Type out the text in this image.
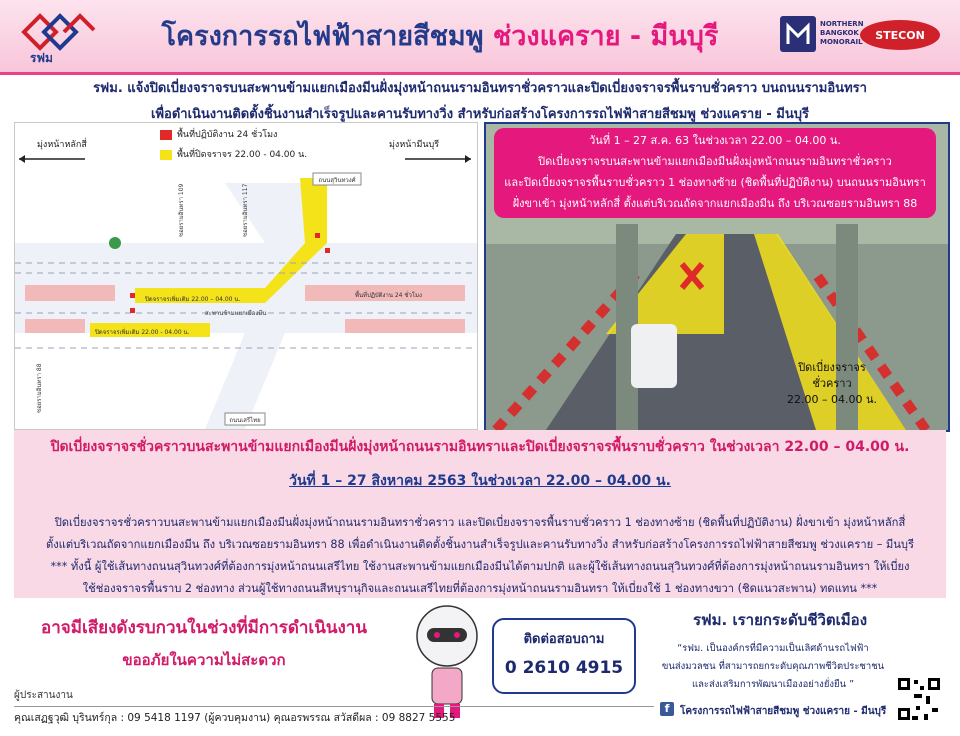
รฟม
โครงการรถไฟฟ้าสายสีชมพู ช่วงแคราย - มีนบุรี	NORTHERN BANGKOK MONORAIL STECON
รฟม. แจ้งปิดเบี่ยงจราจรบนสะพานข้ามแยกเมืองมีนฝั่งมุ่งหน้าถนนรามอินทราชั่วคราวและปิดเบี่ยงจราจรพื้นราบชั่วคราว บนถนนรามอินทรา
เพื่อดำเนินงานติดตั้งชิ้นงานสำเร็จรูปและคานรับทางวิ่ง สำหรับก่อสร้างโครงการรถไฟฟ้าสายสีชมพู ช่วงแคราย - มีนบุรี
ถนนสุวินทวงศ์
ถนนเสรีไทย
ปิดจราจรเพิ่มเติม 22.00 – 04.00 น.
ปิดจราจรเพิ่มเติม 22.00 - 04.00 น.
พื้นที่ปฏิบัติงาน 24 ชั่วโมง
สะพานข้ามแยกเมืองมีน
ซอยรามอินทรา 109	ซอยรามอินทรา 117
ซอยรามอินทรา 88
มุ่งหน้าหลักสี่	มุ่งหน้ามีนบุรี
พื้นที่ปฏิบัติงาน 24 ชั่วโมง
พื้นที่ปิดจราจร 22.00 - 04.00 น.
วันที่ 1 – 27 ส.ค. 63 ในช่วงเวลา 22.00 – 04.00 น.
ปิดเบี่ยงจราจรบนสะพานข้ามแยกเมืองมีนฝั่งมุ่งหน้าถนนรามอินทราชั่วคราว
และปิดเบี่ยงจราจรพื้นราบชั่วคราว 1 ช่องทางซ้าย (ชิดพื้นที่ปฏิบัติงาน) บนถนนรามอินทรา
ฝั่งขาเข้า มุ่งหน้าหลักสี่ ตั้งแต่บริเวณถัดจากแยกเมืองมีน ถึง บริเวณซอยรามอินทรา 88
ปิดเบี่ยงจราจร
ชั่วคราว
22.00 – 04.00 น.
ปิดเบี่ยงจราจรชั่วคราวบนสะพานข้ามแยกเมืองมีนฝั่งมุ่งหน้าถนนรามอินทราและปิดเบี่ยงจราจรพื้นราบชั่วคราว ในช่วงเวลา 22.00 – 04.00 น.
วันที่ 1 – 27 สิงหาคม 2563 ในช่วงเวลา 22.00 – 04.00 น.
ปิดเบี่ยงจราจรชั่วคราวบนสะพานข้ามแยกเมืองมีนฝั่งมุ่งหน้าถนนรามอินทราชั่วคราว และปิดเบี่ยงจราจรพื้นราบชั่วคราว 1 ช่องทางซ้าย (ชิดพื้นที่ปฏิบัติงาน) ฝั่งขาเข้า มุ่งหน้าหลักสี่
ตั้งแต่บริเวณถัดจากแยกเมืองมีน ถึง บริเวณซอยรามอินทรา 88 เพื่อดำเนินงานติดตั้งชิ้นงานสำเร็จรูปและคานรับทางวิ่ง สำหรับก่อสร้างโครงการรถไฟฟ้าสายสีชมพู ช่วงแคราย – มีนบุรี
*** ทั้งนี้ ผู้ใช้เส้นทางถนนสุวินทวงศ์ที่ต้องการมุ่งหน้าถนนเสรีไทย ใช้งานสะพานข้ามแยกเมืองมีนได้ตามปกติ และผู้ใช้เส้นทางถนนสุวินทวงศ์ที่ต้องการมุ่งหน้าถนนรามอินทรา ให้เบี่ยง
ใช้ช่องจราจรพื้นราบ 2 ช่องทาง ส่วนผู้ใช้ทางถนนสีหบุรานุกิจและถนนเสรีไทยที่ต้องการมุ่งหน้าถนนรามอินทรา ให้เบี่ยงใช้ 1 ช่องทางขวา (ชิดแนวสะพาน) ทดแทน ***
อาจมีเสียงดังรบกวนในช่วงที่มีการดำเนินงาน
ขออภัยในความไม่สะดวก
ติดต่อสอบถาม
0 2610 4915
รฟม. เรายกระดับชีวิตเมือง
“รฟม. เป็นองค์กรที่มีความเป็นเลิศด้านรถไฟฟ้า
ขนส่งมวลชน ที่สามารถยกระดับคุณภาพชีวิตประชาชน
และส่งเสริมการพัฒนาเมืองอย่างยั่งยืน ”
ผู้ประสานงาน
คุณเสฏฐวุฒิ บุรินทร์กุล : 09 5418 1197 (ผู้ควบคุมงาน) คุณอรพรรณ สวัสดีผล : 09 8827 5555
f	โครงการรถไฟฟ้าสายสีชมพู ช่วงแคราย - มีนบุรี
